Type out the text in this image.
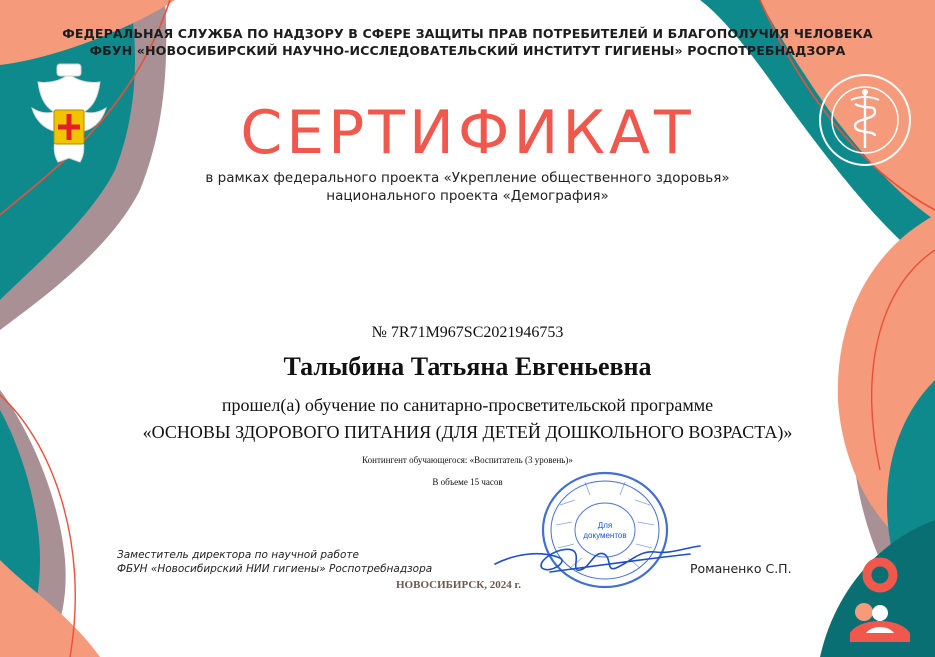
ФЕДЕРАЛЬНАЯ СЛУЖБА ПО НАДЗОРУ В СФЕРЕ ЗАЩИТЫ ПРАВ ПОТРЕБИТЕЛЕЙ И БЛАГОПОЛУЧИЯ ЧЕЛОВЕКА
ФБУН «НОВОСИБИРСКИЙ НАУЧНО-ИССЛЕДОВАТЕЛЬСКИЙ ИНСТИТУТ ГИГИЕНЫ» РОСПОТРЕБНАДЗОРА
СЕРТИФИКАТ
в рамках федерального проекта «Укрепление общественного здоровья»
национального проекта «Демография»
№ 7R71M967SC2021946753
Талыбина Татьяна Евгеньевна
прошел(а) обучение по санитарно-просветительской программе
«ОСНОВЫ ЗДОРОВОГО ПИТАНИЯ (ДЛЯ ДЕТЕЙ ДОШКОЛЬНОГО ВОЗРАСТА)»
Контингент обучающегося: «Воспитатель (3 уровень)»
В объеме 15 часов
Для
документов
Заместитель директора по научной работе
ФБУН «Новосибирский НИИ гигиены» Роспотребнадзора	Романенко С.П.
НОВОСИБИРСК, 2024 г.
